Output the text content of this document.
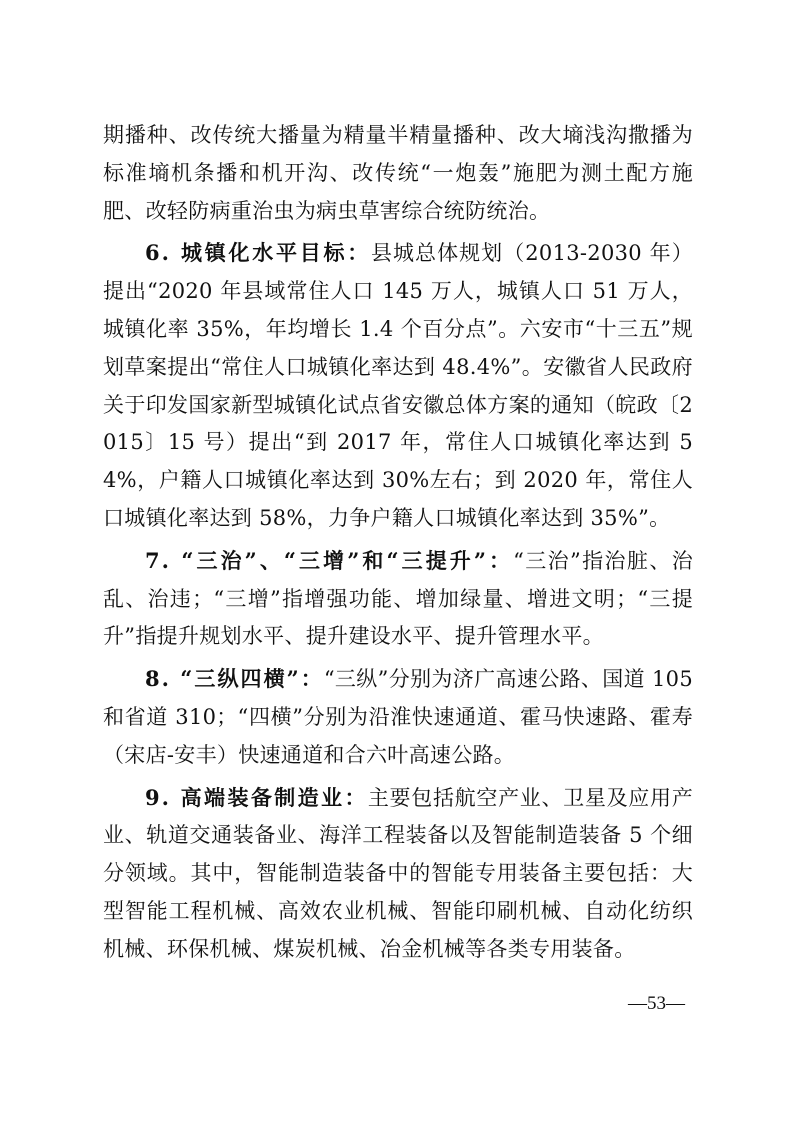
期播种、改传统大播量为精量半精量播种、改大墒浅沟撒播为标准墒机条播和机开沟、改传统“一炮轰”施肥为测土配方施肥、改轻防病重治虫为病虫草害综合统防统治。

6. 城镇化水平目标：县城总体规划（2013-2030 年）提出“2020 年县域常住人口 145 万人，城镇人口 51 万人，城镇化率 35%，年均增长 1.4 个百分点”。六安市“十三五”规划草案提出“常住人口城镇化率达到 48.4%”。安徽省人民政府关于印发国家新型城镇化试点省安徽总体方案的通知（皖政〔2015〕15 号）提出“到 2017 年，常住人口城镇化率达到 54%，户籍人口城镇化率达到 30%左右；到 2020 年，常住人口城镇化率达到 58%，力争户籍人口城镇化率达到 35%”。

7. “三治”、“三增”和“三提升”：“三治”指治脏、治乱、治违；“三增”指增强功能、增加绿量、增进文明；“三提升”指提升规划水平、提升建设水平、提升管理水平。

8. “三纵四横”：“三纵”分别为济广高速公路、国道 105 和省道 310；“四横”分别为沿淮快速通道、霍马快速路、霍寿（宋店-安丰）快速通道和合六叶高速公路。

9. 高端装备制造业：主要包括航空产业、卫星及应用产业、轨道交通装备业、海洋工程装备以及智能制造装备 5 个细分领域。其中，智能制造装备中的智能专用装备主要包括：大型智能工程机械、高效农业机械、智能印刷机械、自动化纺织机械、环保机械、煤炭机械、冶金机械等各类专用装备。

—53—
